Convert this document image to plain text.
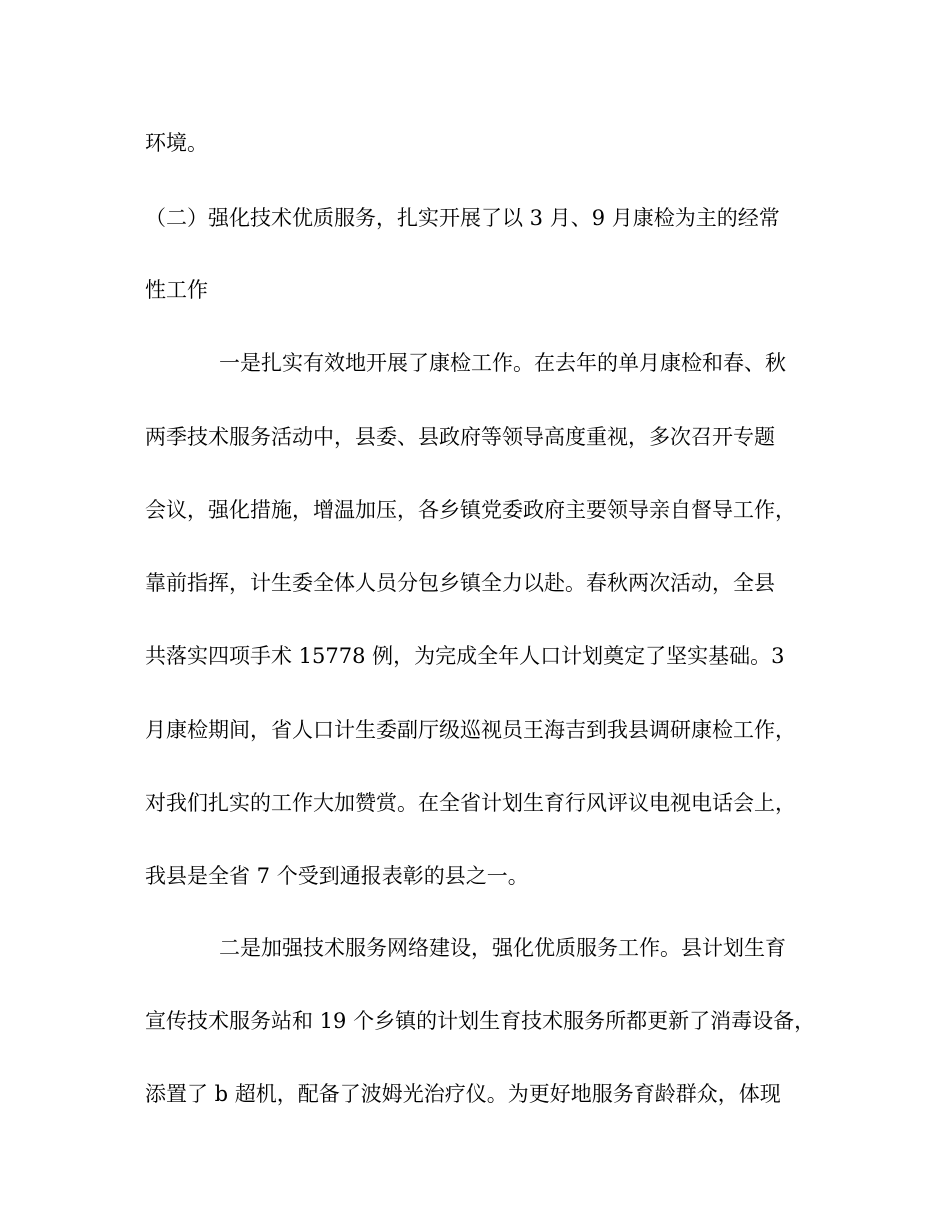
环境。
（二）强化技术优质服务，扎实开展了以 3 月、9 月康检为主的经常
性工作
一是扎实有效地开展了康检工作。在去年的单月康检和春、秋
两季技术服务活动中，县委、县政府等领导高度重视，多次召开专题
会议，强化措施，增温加压，各乡镇党委政府主要领导亲自督导工作，
靠前指挥，计生委全体人员分包乡镇全力以赴。春秋两次活动，全县
共落实四项手术 15778 例，为完成全年人口计划奠定了坚实基础。3
月康检期间，省人口计生委副厅级巡视员王海吉到我县调研康检工作，
对我们扎实的工作大加赞赏。在全省计划生育行风评议电视电话会上，
我县是全省 7 个受到通报表彰的县之一。
二是加强技术服务网络建设，强化优质服务工作。县计划生育
宣传技术服务站和 19 个乡镇的计划生育技术服务所都更新了消毒设备，
添置了 b 超机，配备了波姆光治疗仪。为更好地服务育龄群众，体现
